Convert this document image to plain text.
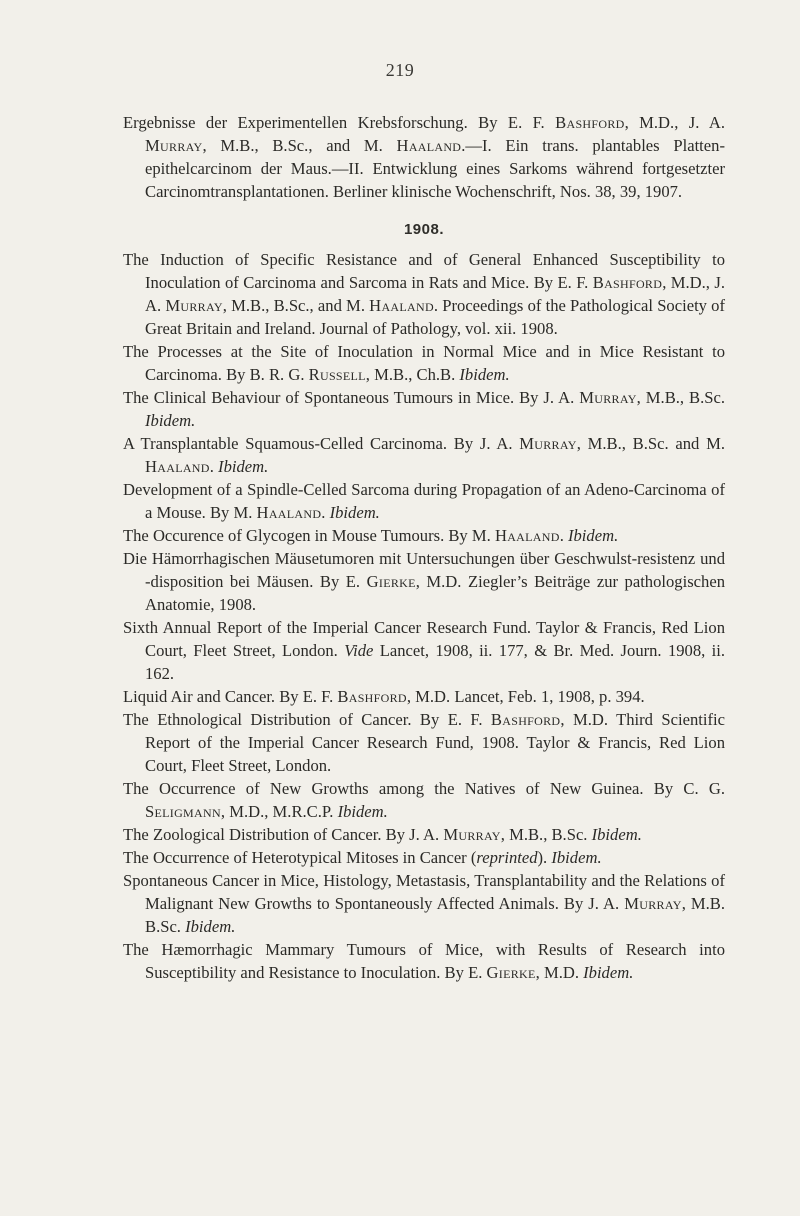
219

Ergebnisse der Experimentellen Krebsforschung. By E. F. Bashford, M.D., J. A. Murray, M.B., B.Sc., and M. Haaland.—I. Ein trans. plantables Platten-epithelcarcinom der Maus.—II. Entwicklung eines Sarkoms während fortgesetzter Carcinomtransplantationen. Berliner klinische Wochenschrift, Nos. 38, 39, 1907.

1908.

The Induction of Specific Resistance and of General Enhanced Susceptibility to Inoculation of Carcinoma and Sarcoma in Rats and Mice. By E. F. Bashford, M.D., J. A. Murray, M.B., B.Sc., and M. Haaland. Proceedings of the Pathological Society of Great Britain and Ireland. Journal of Pathology, vol. xii. 1908.

The Processes at the Site of Inoculation in Normal Mice and in Mice Resistant to Carcinoma. By B. R. G. Russell, M.B., Ch.B. Ibidem.

The Clinical Behaviour of Spontaneous Tumours in Mice. By J. A. Murray, M.B., B.Sc. Ibidem.

A Transplantable Squamous-Celled Carcinoma. By J. A. Murray, M.B., B.Sc. and M. Haaland. Ibidem.

Development of a Spindle-Celled Sarcoma during Propagation of an Adeno-Carcinoma of a Mouse. By M. Haaland. Ibidem.

The Occurence of Glycogen in Mouse Tumours. By M. Haaland. Ibidem.

Die Hämorrhagischen Mäusetumoren mit Untersuchungen über Geschwulst-resistenz und -disposition bei Mäusen. By E. Gierke, M.D. Ziegler’s Beiträge zur pathologischen Anatomie, 1908.

Sixth Annual Report of the Imperial Cancer Research Fund. Taylor & Francis, Red Lion Court, Fleet Street, London. Vide Lancet, 1908, ii. 177, & Br. Med. Journ. 1908, ii. 162.

Liquid Air and Cancer. By E. F. Bashford, M.D. Lancet, Feb. 1, 1908, p. 394.

The Ethnological Distribution of Cancer. By E. F. Bashford, M.D. Third Scientific Report of the Imperial Cancer Research Fund, 1908. Taylor & Francis, Red Lion Court, Fleet Street, London.

The Occurrence of New Growths among the Natives of New Guinea. By C. G. Seligmann, M.D., M.R.C.P. Ibidem.

The Zoological Distribution of Cancer. By J. A. Murray, M.B., B.Sc. Ibidem.

The Occurrence of Heterotypical Mitoses in Cancer (reprinted). Ibidem.

Spontaneous Cancer in Mice, Histology, Metastasis, Transplantability and the Relations of Malignant New Growths to Spontaneously Affected Animals. By J. A. Murray, M.B. B.Sc. Ibidem.

The Hæmorrhagic Mammary Tumours of Mice, with Results of Research into Susceptibility and Resistance to Inoculation. By E. Gierke, M.D. Ibidem.
